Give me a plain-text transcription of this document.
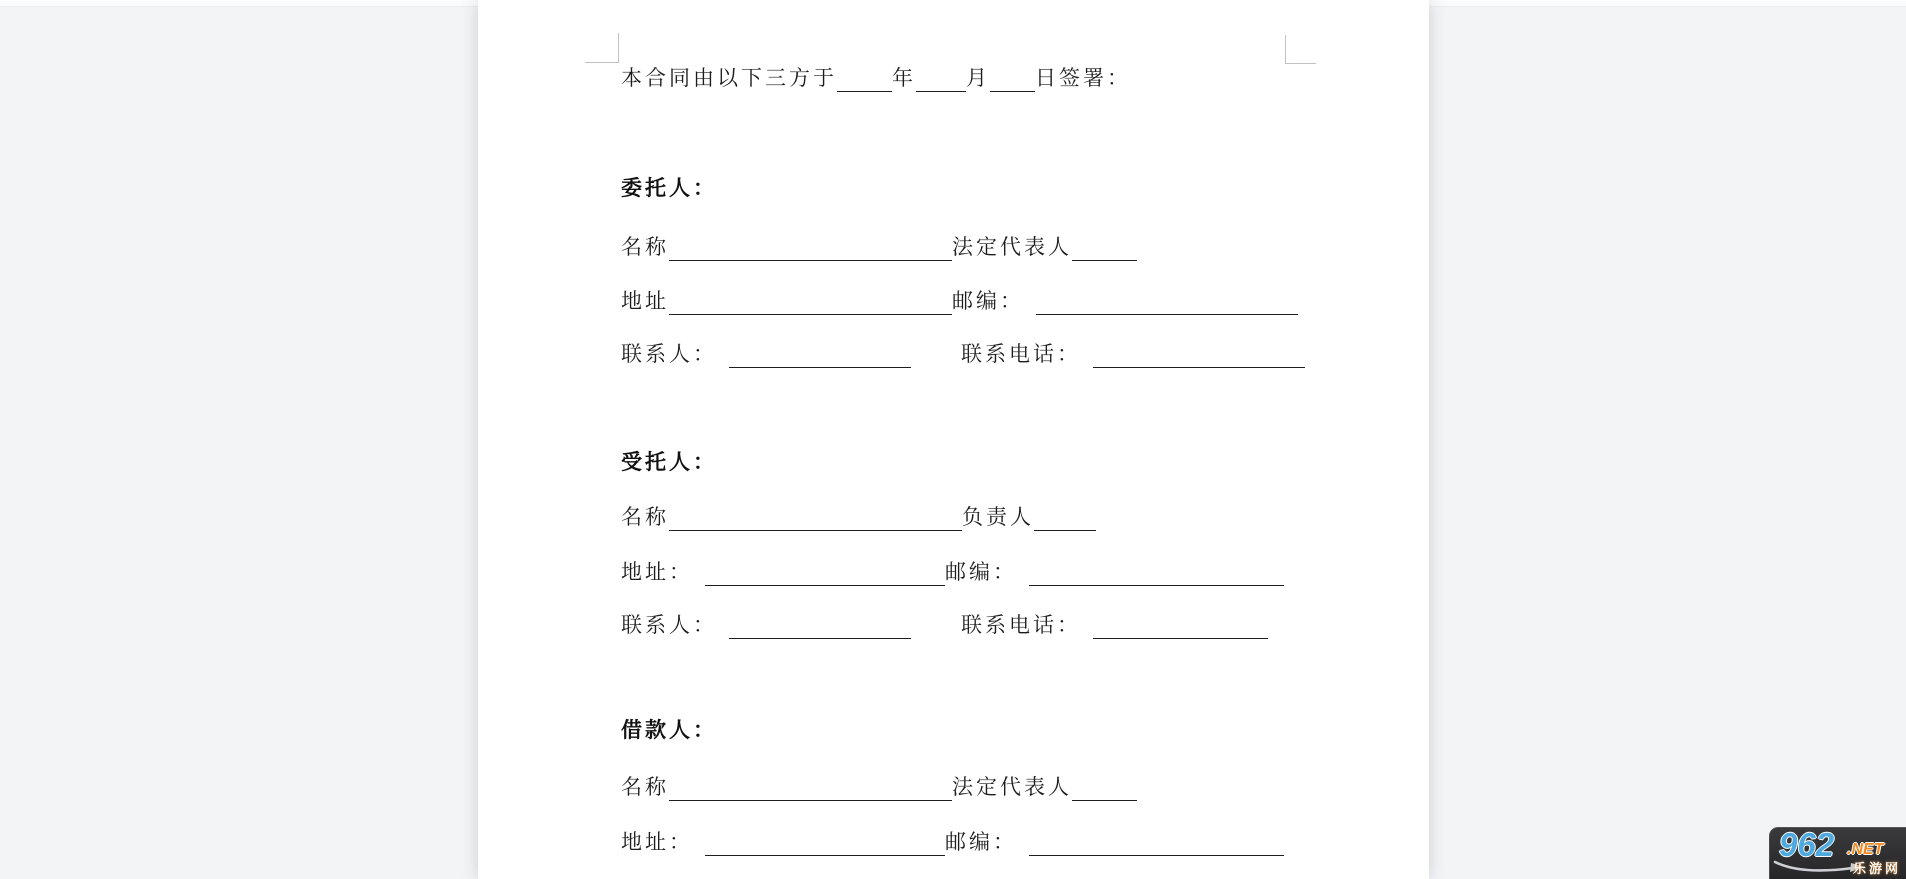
本合同由以下三方于	年 月 日签署：
委托人：
名称	法定代表人
地址	邮编：
联系人：	联系电话：
受托人：
名称	负责人
地址：	邮编：
联系人：	联系电话：
借款人：
名称	法定代表人
地址：	邮编：	962 .NET
乐游网
